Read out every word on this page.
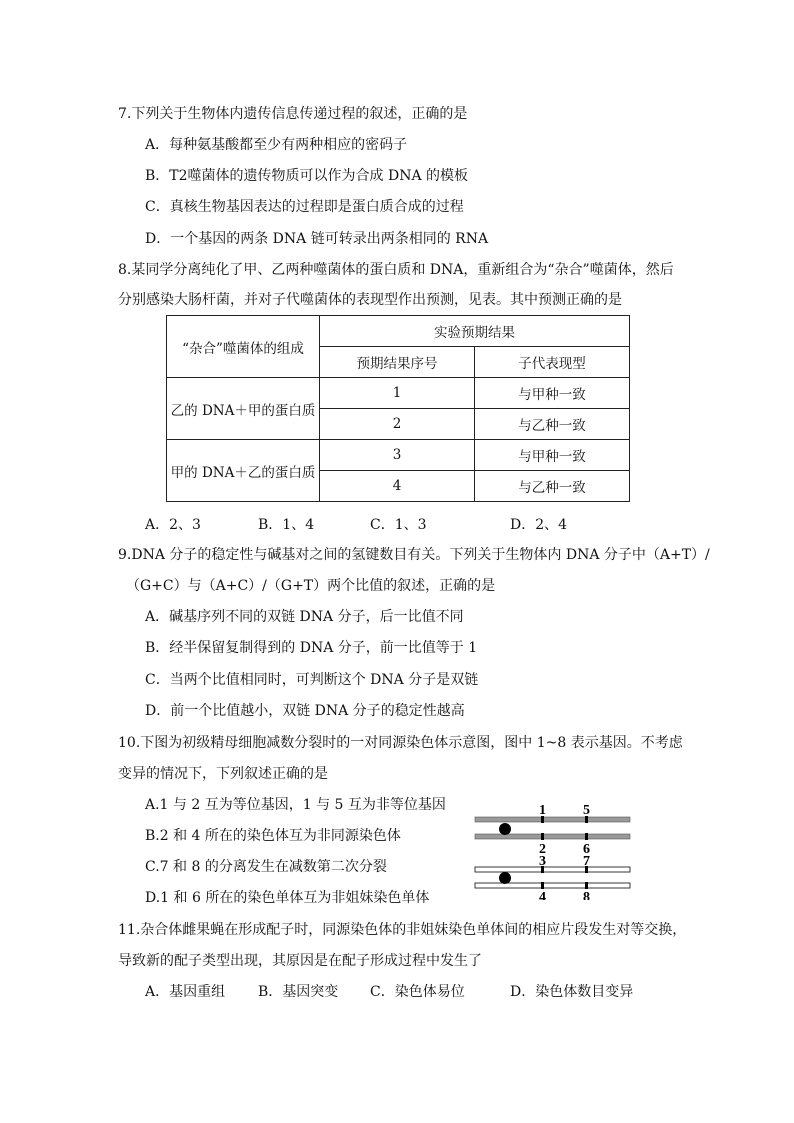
7.下列关于生物体内遗传信息传递过程的叙述，正确的是
A．每种氨基酸都至少有两种相应的密码子
B．T2噬菌体的遗传物质可以作为合成 DNA 的模板
C．真核生物基因表达的过程即是蛋白质合成的过程
D．一个基因的两条 DNA 链可转录出两条相同的 RNA
8.某同学分离纯化了甲、乙两种噬菌体的蛋白质和 DNA，重新组合为“杂合”噬菌体，然后
分别感染大肠杆菌，并对子代噬菌体的表现型作出预测，见表。其中预测正确的是
“杂合”噬菌体的组成	实验预期结果	
	预期结果序号	子代表现型
乙的 DNA＋甲的蛋白质	1	与甲种一致
	2	与乙种一致
甲的 DNA＋乙的蛋白质	3	与甲种一致
	4	与乙种一致
A．2、3	B．1、4	C．1、3	D．2、4
9.DNA 分子的稳定性与碱基对之间的氢键数目有关。下列关于生物体内 DNA 分子中（A+T）/
（G+C）与（A+C）/（G+T）两个比值的叙述，正确的是
A．碱基序列不同的双链 DNA 分子，后一比值不同
B．经半保留复制得到的 DNA 分子，前一比值等于 1
C．当两个比值相同时，可判断这个 DNA 分子是双链
D．前一个比值越小，双链 DNA 分子的稳定性越高
10.下图为初级精母细胞减数分裂时的一对同源染色体示意图，图中 1~8 表示基因。不考虑
变异的情况下，下列叙述正确的是
A.1 与 2 互为等位基因，1 与 5 互为非等位基因
B.2 和 4 所在的染色体互为非同源染色体
C.7 和 8 的分离发生在减数第二次分裂
D.1 和 6 所在的染色单体互为非姐妹染色单体
1	5
2	6
3	7
4	8
11.杂合体雌果蝇在形成配子时，同源染色体的非姐妹染色单体间的相应片段发生对等交换，
导致新的配子类型出现，其原因是在配子形成过程中发生了
A．基因重组 B．基因突变 C．染色体易位	D．染色体数目变异
